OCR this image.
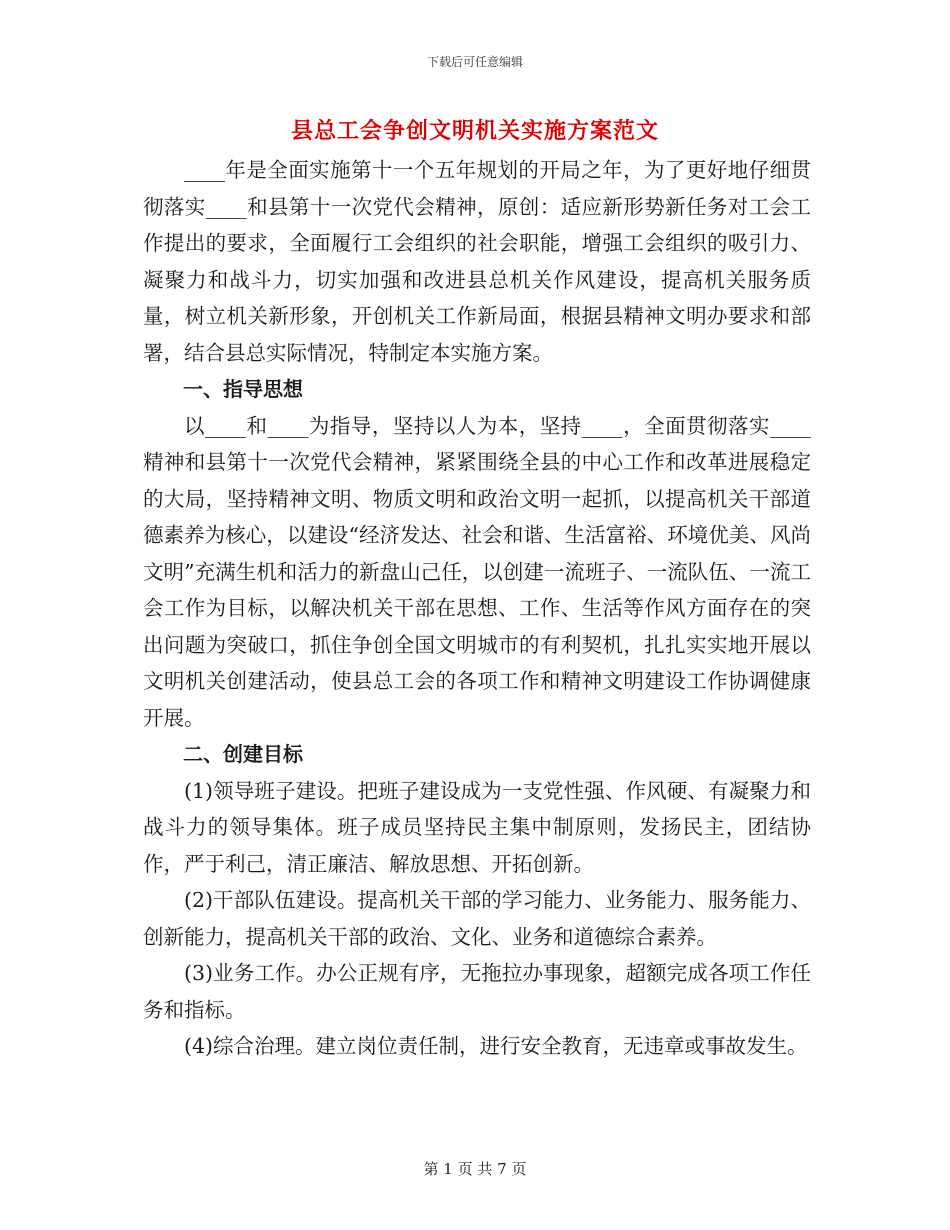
下载后可任意编辑
县总工会争创文明机关实施方案范文

____年是全面实施第十一个五年规划的开局之年，为了更好地仔细贯彻落实____和县第十一次党代会精神，原创：适应新形势新任务对工会工作提出的要求，全面履行工会组织的社会职能，增强工会组织的吸引力、凝聚力和战斗力，切实加强和改进县总机关作风建设，提高机关服务质量，树立机关新形象，开创机关工作新局面，根据县精神文明办要求和部署，结合县总实际情况，特制定本实施方案。

一、指导思想

以____和____为指导，坚持以人为本，坚持____，全面贯彻落实____精神和县第十一次党代会精神，紧紧围绕全县的中心工作和改革进展稳定的大局，坚持精神文明、物质文明和政治文明一起抓，以提高机关干部道德素养为核心，以建设“经济发达、社会和谐、生活富裕、环境优美、风尚文明”充满生机和活力的新盘山己任，以创建一流班子、一流队伍、一流工会工作为目标，以解决机关干部在思想、工作、生活等作风方面存在的突出问题为突破口，抓住争创全国文明城市的有利契机，扎扎实实地开展以文明机关创建活动，使县总工会的各项工作和精神文明建设工作协调健康开展。

二、创建目标

(1)领导班子建设。把班子建设成为一支党性强、作风硬、有凝聚力和战斗力的领导集体。班子成员坚持民主集中制原则，发扬民主，团结协作，严于利己，清正廉洁、解放思想、开拓创新。

(2)干部队伍建设。提高机关干部的学习能力、业务能力、服务能力、创新能力，提高机关干部的政治、文化、业务和道德综合素养。

(3)业务工作。办公正规有序，无拖拉办事现象，超额完成各项工作任务和指标。

(4)综合治理。建立岗位责任制，进行安全教育，无违章或事故发生。

第 1 页 共 7 页
